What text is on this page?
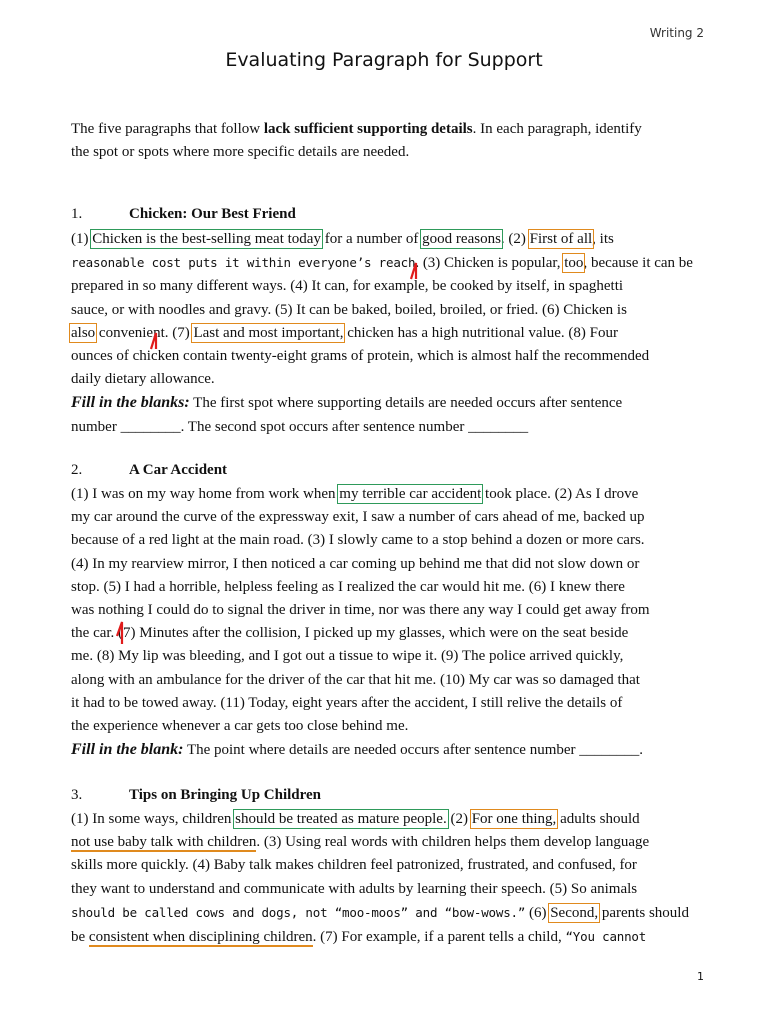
Writing 2
Evaluating Paragraph for Support
The five paragraphs that follow lack sufficient supporting details. In each paragraph, identify
the spot or spots where more specific details are needed.
1.	Chicken: Our Best Friend
(1) Chicken is the best-selling meat today for a number of good reasons. (2) First of all, its
reasonable cost puts it within everyone’s reach
. (3) Chicken is popular, too, because it can be
prepared in so many different ways. (4) It can, for example, be cooked by itself, in spaghetti
sauce, or with noodles and gravy. (5) It can be baked, boiled, broiled, or fried. (6) Chicken is
also convenient. (7)
Last and most important, chicken has a high nutritional value. (8) Four
ounces of chicken contain twenty-eight grams of protein, which is almost half the recommended
daily dietary allowance.
Fill in the blanks: The first spot where supporting details are needed occurs after sentence
number ________. The second spot occurs after sentence number ________
2.	A Car Accident
(1) I was on my way home from work when my terrible car accident took place. (2) As I drove
my car around the curve of the expressway exit, I saw a number of cars ahead of me, backed up
because of a red light at the main road. (3) I slowly came to a stop behind a dozen or more cars.
(4) In my rearview mirror, I then noticed a car coming up behind me that did not slow down or
stop. (5) I had a horrible, helpless feeling as I realized the car would hit me. (6) I knew there
was nothing I could do to signal the driver in time, nor was there any way I could get away from
the car. (7) Minutes after the collision, I picked up my glasses, which were on the seat beside
me. (8) My lip was bleeding, and I got out a tissue to wipe it. (9) The police arrived quickly,
along with an ambulance for the driver of the car that hit me. (10) My car was so damaged that
it had to be towed away. (11) Today, eight years after the accident, I still relive the details of
the experience whenever a car gets too close behind me.
Fill in the blank: The point where details are needed occurs after sentence number ________.
3.	Tips on Bringing Up Children
(1) In some ways, children should be treated as mature people. (2) For one thing, adults should
not use baby talk with children. (3) Using real words with children helps them develop language
skills more quickly. (4) Baby talk makes children feel patronized, frustrated, and confused, for
they want to understand and communicate with adults by learning their speech. (5) So animals
should be called cows and dogs, not “moo-moos” and “bow-wows.” (6) Second, parents should
be consistent when disciplining children. (7) For example, if a parent tells a child, “You cannot
1
